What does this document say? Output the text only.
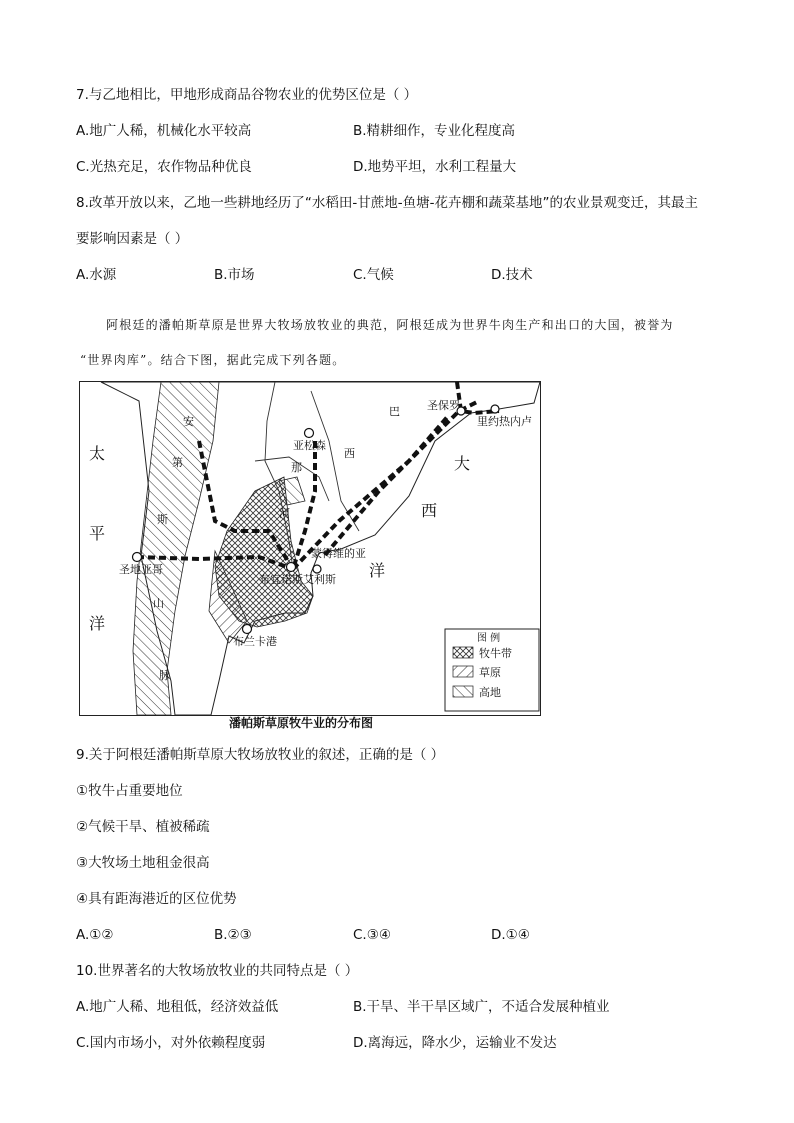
7.与乙地相比，甲地形成商品谷物农业的优势区位是（ ）
A.地广人稀，机械化水平较高	B.精耕细作，专业化程度高
C.光热充足，农作物品种优良	D.地势平坦，水利工程量大
8.改革开放以来，乙地一些耕地经历了“水稻田-甘蔗地-鱼塘-花卉棚和蔬菜基地”的农业景观变迁，其最主
要影响因素是（ ）
A.水源	B.市场	C.气候	D.技术
阿根廷的潘帕斯草原是世界大牧场放牧业的典范，阿根廷成为世界牛肉生产和出口的大国，被誉为
“世界肉库”。结合下图，据此完成下列各题。
太
平
洋
大
西
洋
安
第
斯
山
脉
巴
西
那
河
圣保罗
里约热内卢
亚松森
蒙得维的亚
布宜诺斯艾利斯
圣地亚哥
布兰卡港	图 例
牧牛带
草原
高地
潘帕斯草原牧牛业的分布图
9.关于阿根廷潘帕斯草原大牧场放牧业的叙述，正确的是（ ）
①牧牛占重要地位
②气候干旱、植被稀疏
③大牧场土地租金很高
④具有距海港近的区位优势
A.①②	B.②③	C.③④	D.①④
10.世界著名的大牧场放牧业的共同特点是（ ）
A.地广人稀、地租低，经济效益低	B.干旱、半干旱区域广，不适合发展种植业
C.国内市场小，对外依赖程度弱	D.离海远，降水少，运输业不发达
